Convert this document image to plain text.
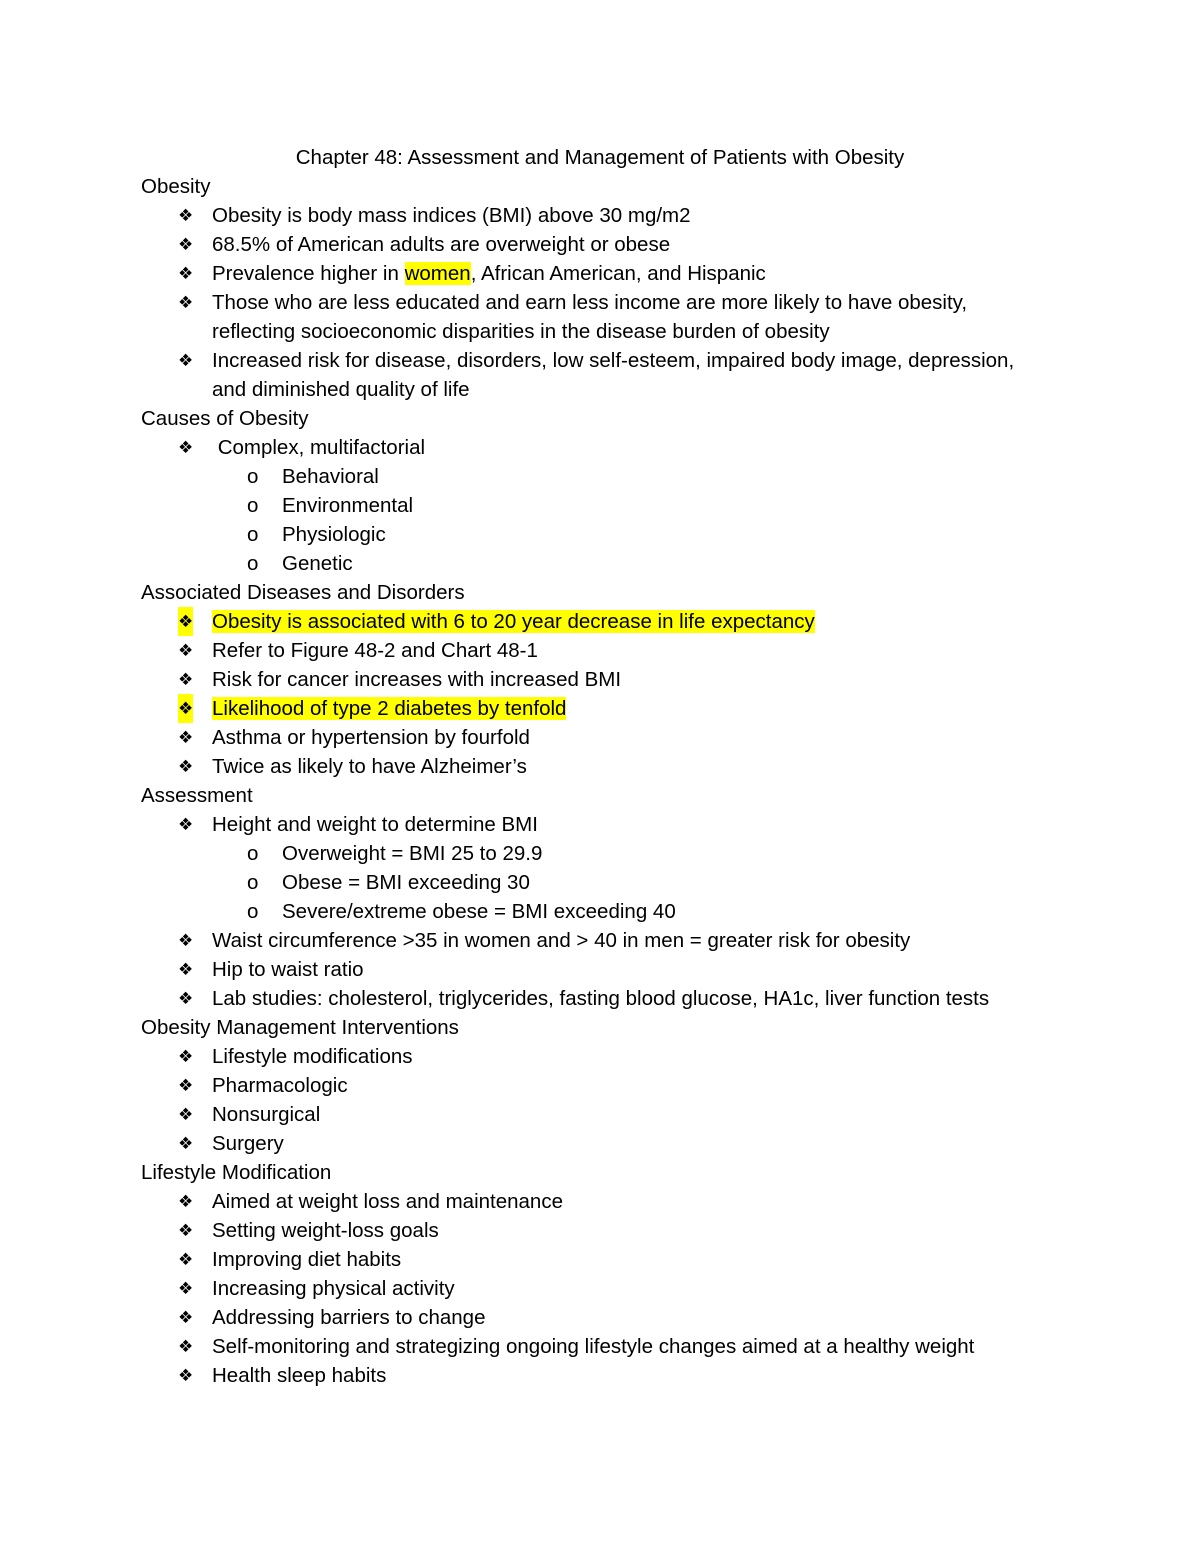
Chapter 48: Assessment and Management of Patients with Obesity
Obesity
❖ Obesity is body mass indices (BMI) above 30 mg/m2
❖ 68.5% of American adults are overweight or obese
❖ Prevalence higher in women, African American, and Hispanic
❖ Those who are less educated and earn less income are more likely to have obesity,
reflecting socioeconomic disparities in the disease burden of obesity
❖ Increased risk for disease, disorders, low self-esteem, impaired body image, depression,
and diminished quality of life
Causes of Obesity
❖ Complex, multifactorial
o Behavioral
o Environmental
o Physiologic
o Genetic
Associated Diseases and Disorders
❖ Obesity is associated with 6 to 20 year decrease in life expectancy
❖ Refer to Figure 48-2 and Chart 48-1
❖ Risk for cancer increases with increased BMI
❖ Likelihood of type 2 diabetes by tenfold
❖ Asthma or hypertension by fourfold
❖ Twice as likely to have Alzheimer’s
Assessment
❖ Height and weight to determine BMI
o Overweight = BMI 25 to 29.9
o Obese = BMI exceeding 30
o Severe/extreme obese = BMI exceeding 40
❖ Waist circumference >35 in women and > 40 in men = greater risk for obesity
❖ Hip to waist ratio
❖ Lab studies: cholesterol, triglycerides, fasting blood glucose, HA1c, liver function tests
Obesity Management Interventions
❖ Lifestyle modifications
❖ Pharmacologic
❖ Nonsurgical
❖ Surgery
Lifestyle Modification
❖ Aimed at weight loss and maintenance
❖ Setting weight-loss goals
❖ Improving diet habits
❖ Increasing physical activity
❖ Addressing barriers to change
❖ Self-monitoring and strategizing ongoing lifestyle changes aimed at a healthy weight
❖ Health sleep habits
